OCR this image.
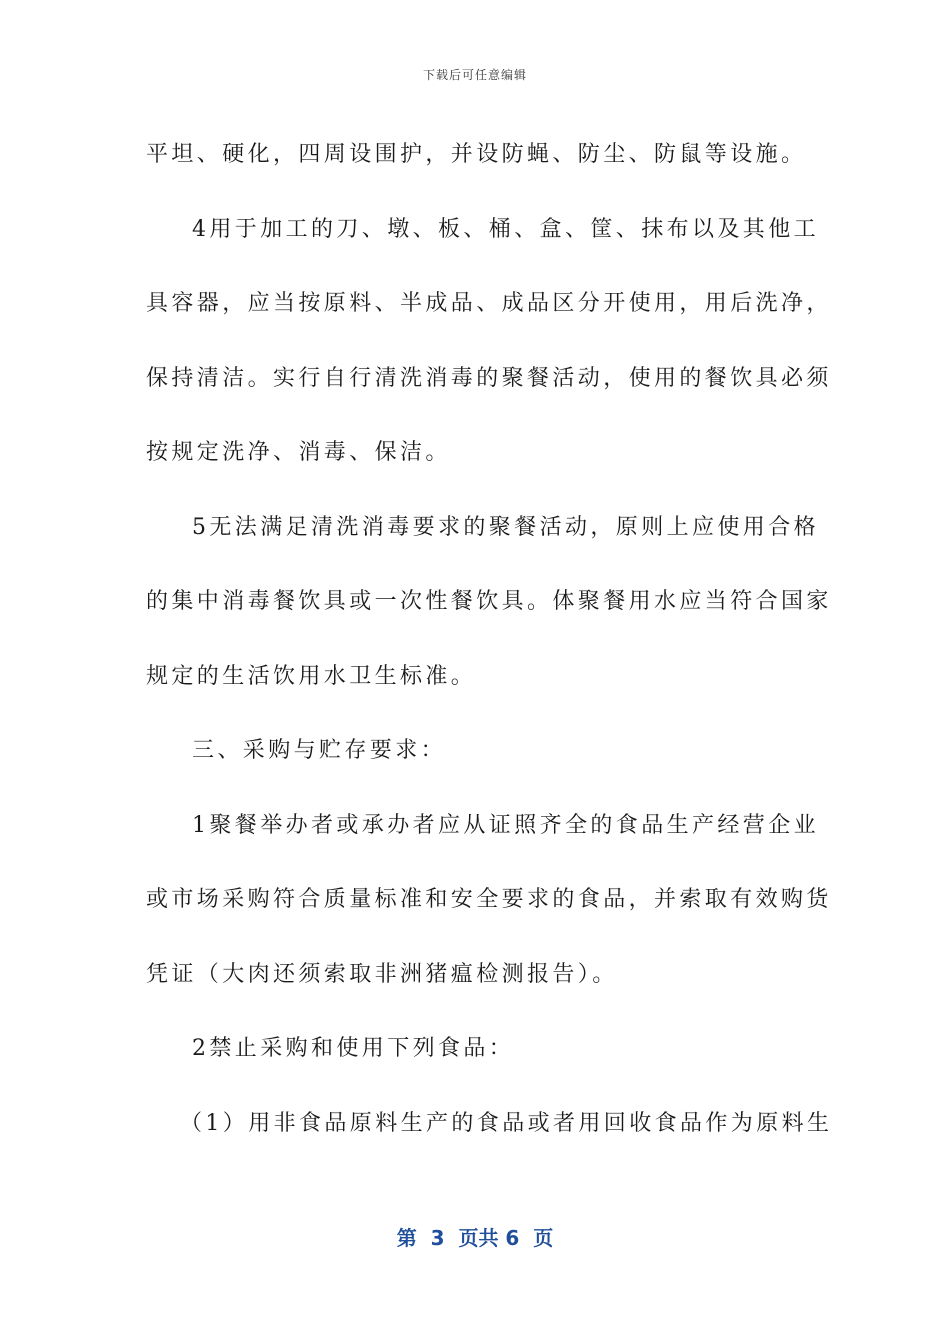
下载后可任意编辑
平坦、硬化，四周设围护，并设防蝇、防尘、防鼠等设施。
4用于加工的刀、墩、板、桶、盒、筐、抹布以及其他工
具容器，应当按原料、半成品、成品区分开使用，用后洗净，
保持清洁。实行自行清洗消毒的聚餐活动，使用的餐饮具必须
按规定洗净、消毒、保洁。
5无法满足清洗消毒要求的聚餐活动，原则上应使用合格
的集中消毒餐饮具或一次性餐饮具。体聚餐用水应当符合国家
规定的生活饮用水卫生标准。
三、采购与贮存要求：
1聚餐举办者或承办者应从证照齐全的食品生产经营企业
或市场采购符合质量标准和安全要求的食品，并索取有效购货
凭证（大肉还须索取非洲猪瘟检测报告）。
2禁止采购和使用下列食品：
（1）用非食品原料生产的食品或者用回收食品作为原料生
第  3  页共 6  页
